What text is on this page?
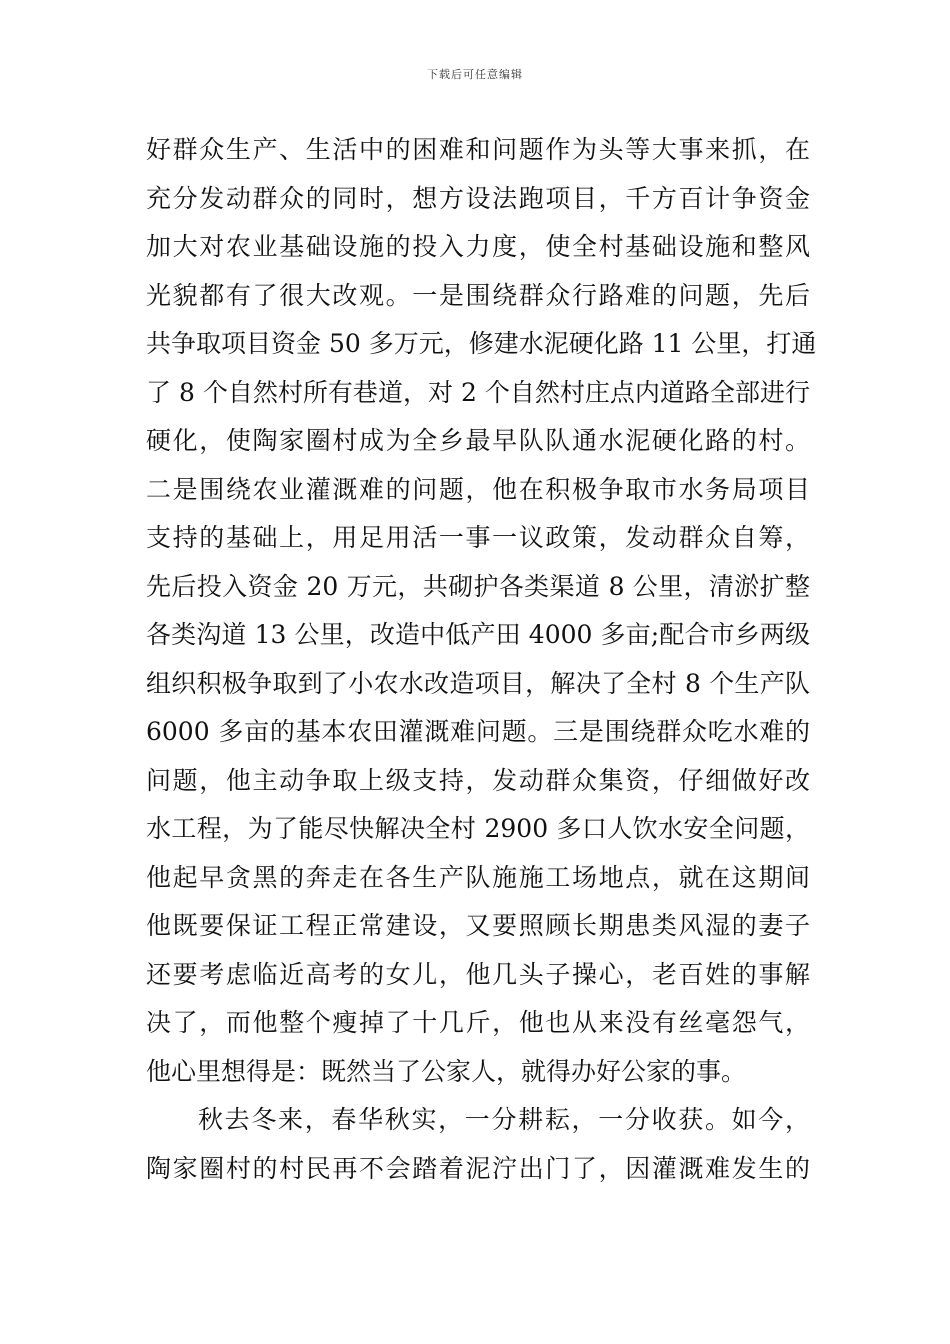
下载后可任意编辑
好群众生产、生活中的困难和问题作为头等大事来抓，在
充分发动群众的同时，想方设法跑项目，千方百计争资金
加大对农业基础设施的投入力度，使全村基础设施和整风
光貌都有了很大改观。一是围绕群众行路难的问题，先后
共争取项目资金 50 多万元，修建水泥硬化路 11 公里，打通
了 8 个自然村所有巷道，对 2 个自然村庄点内道路全部进行
硬化，使陶家圈村成为全乡最早队队通水泥硬化路的村。
二是围绕农业灌溉难的问题，他在积极争取市水务局项目
支持的基础上，用足用活一事一议政策，发动群众自筹，
先后投入资金 20 万元，共砌护各类渠道 8 公里，清淤扩整
各类沟道 13 公里，改造中低产田 4000 多亩;配合市乡两级
组织积极争取到了小农水改造项目，解决了全村 8 个生产队
6000 多亩的基本农田灌溉难问题。三是围绕群众吃水难的
问题，他主动争取上级支持，发动群众集资，仔细做好改
水工程，为了能尽快解决全村 2900 多口人饮水安全问题，
他起早贪黑的奔走在各生产队施施工场地点，就在这期间
他既要保证工程正常建设，又要照顾长期患类风湿的妻子
还要考虑临近高考的女儿，他几头子操心，老百姓的事解
决了，而他整个瘦掉了十几斤，他也从来没有丝毫怨气，
他心里想得是：既然当了公家人，就得办好公家的事。
秋去冬来，春华秋实，一分耕耘，一分收获。如今，
陶家圈村的村民再不会踏着泥泞出门了，因灌溉难发生的
